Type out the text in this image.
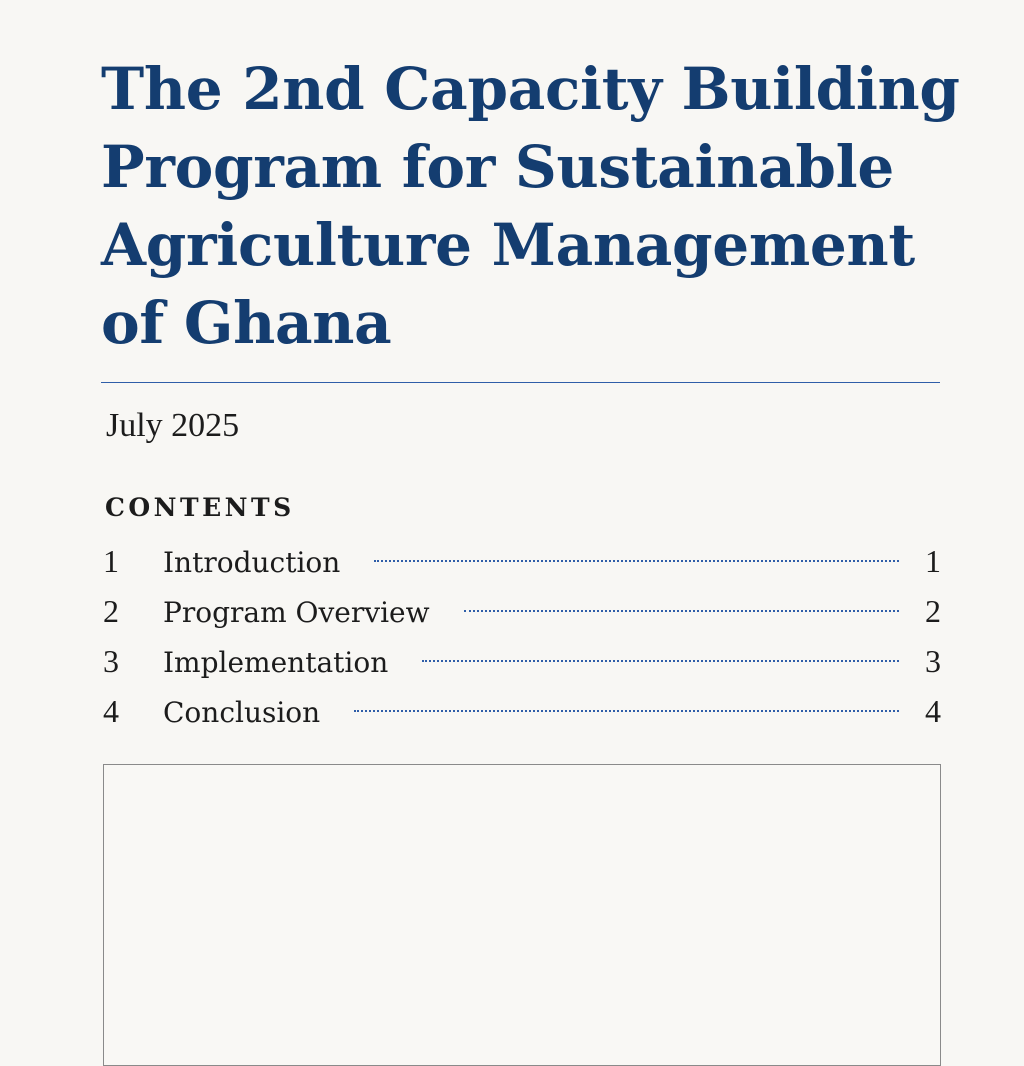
The 2nd Capacity Building Program for Sustainable Agriculture Management of Ghana
July 2025
CONTENTS
1	Introduction	1
2	Program Overview	2
3	Implementation	3
4	Conclusion	4
